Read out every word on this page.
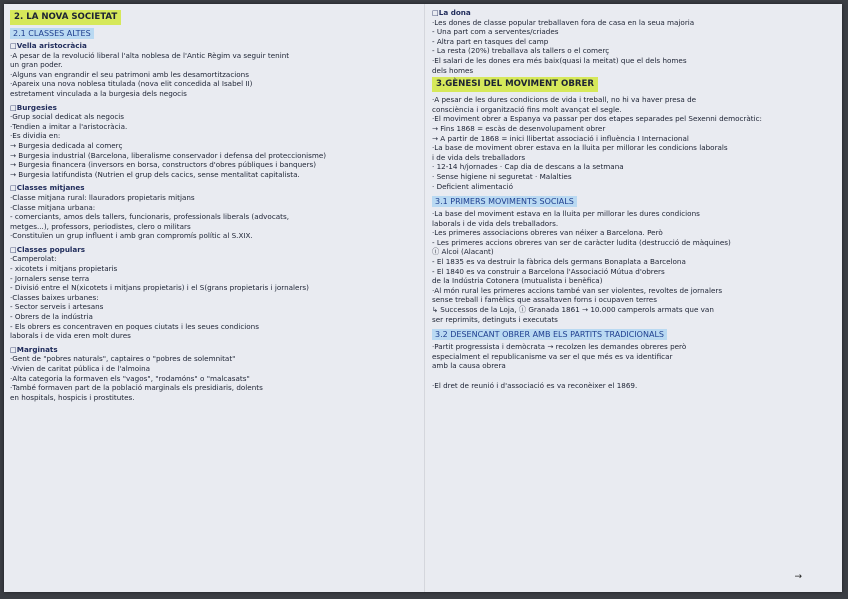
2. LA NOVA SOCIETAT
2.1 CLASSES ALTES
□Vella aristocràcia
·A pesar de la revolució liberal l'alta noblesa de l'Antic Règim va seguir tenint
un gran poder.
·Alguns van engrandir el seu patrimoni amb les desamortitzacions
·Apareix una nova noblesa titulada (nova elit concedida al Isabel II)
estretament vinculada a la burgesia dels negocis
□Burgesies
·Grup social dedicat als negocis
·Tendien a imitar a l'aristocràcia.
·Es dividia en:
→ Burgesia dedicada al comerç
→ Burgesia industrial (Barcelona, liberalisme conservador i defensa del proteccionisme)
→ Burgesia financera (inversors en borsa, constructors d'obres públiques i banquers)
→ Burgesia latifundista (Nutrien el grup dels cacics, sense mentalitat capitalista.
□Classes mitjanes
·Classe mitjana rural: llauradors propietaris mitjans
·Classe mitjana urbana:
- comerciants, amos dels tallers, funcionaris, professionals liberals (advocats,
metges...), professors, periodistes, clero o militars
·Constituïen un grup influent i amb gran compromís polític al S.XIX.
□Classes populars
·Camperolat:
- xicotets i mitjans propietaris
- Jornalers sense terra
- Divisió entre el N(xicotets i mitjans propietaris) i el S(grans propietaris i jornalers)
·Classes baixes urbanes:
- Sector serveis i artesans
- Obrers de la indústria
- Els obrers es concentraven en poques ciutats i les seues condicions
laborals i de vida eren molt dures
□Marginats
·Gent de "pobres naturals", captaires o "pobres de solemnitat"
·Vivien de caritat pública i de l'almoina
·Alta categoria la formaven els "vagos", "rodamóns" o "malcasats"
·També formaven part de la població marginals els presidiaris, dolents
en hospitals, hospicis i prostitutes.
□La dona
·Les dones de classe popular treballaven fora de casa en la seua majoria
- Una part com a serventes/criades
- Altra part en tasques del camp
- La resta (20%) treballava als tallers o el comerç
·El salari de les dones era més baix(quasi la meitat) que el dels homes
dels homes
3.GÈNESI DEL MOVIMENT OBRER
·A pesar de les dures condicions de vida i treball, no hi va haver presa de
consciència i organització fins molt avançat el segle.
·El moviment obrer a Espanya va passar per dos etapes separades pel Sexenni democràtic:
→ Fins 1868 = escàs de desenvolupament obrer
→ A partir de 1868 = inici llibertat associació i influència I Internacional
·La base de moviment obrer estava en la lluita per millorar les condicions laborals
i de vida dels treballadors
· 12-14 h/jornades · Cap dia de descans a la setmana
· Sense higiene ni seguretat · Malalties
· Deficient alimentació
3.1 PRIMERS MOVIMENTS SOCIALS
·La base del moviment estava en la lluita per millorar les dures condicions
laborals i de vida dels treballadors.
·Les primeres associacions obreres van néixer a Barcelona. Però
- Les primeres accions obreres van ser de caràcter ludita (destrucció de màquines)
ⓘ Alcoi (Alacant)
- El 1835 es va destruir la fàbrica dels germans Bonaplata a Barcelona
- El 1840 es va construir a Barcelona l'Associació Mútua d'obrers
de la Indústria Cotonera (mutualista i benèfica)
·Al món rural les primeres accions també van ser violentes, revoltes de jornalers
sense treball i famèlics que assaltaven forns i ocupaven terres
↳ Successos de la Loja, ⓘ Granada 1861 → 10.000 camperols armats que van
ser reprimits, detinguts i executats
3.2 DESENCANT OBRER AMB ELS PARTITS TRADICIONALS
·Partit progressista i demòcrata → recolzen les demandes obreres però
especialment el republicanisme va ser el que més es va identificar
amb la causa obrera

·El dret de reunió i d'associació es va reconèixer el 1869.
→
